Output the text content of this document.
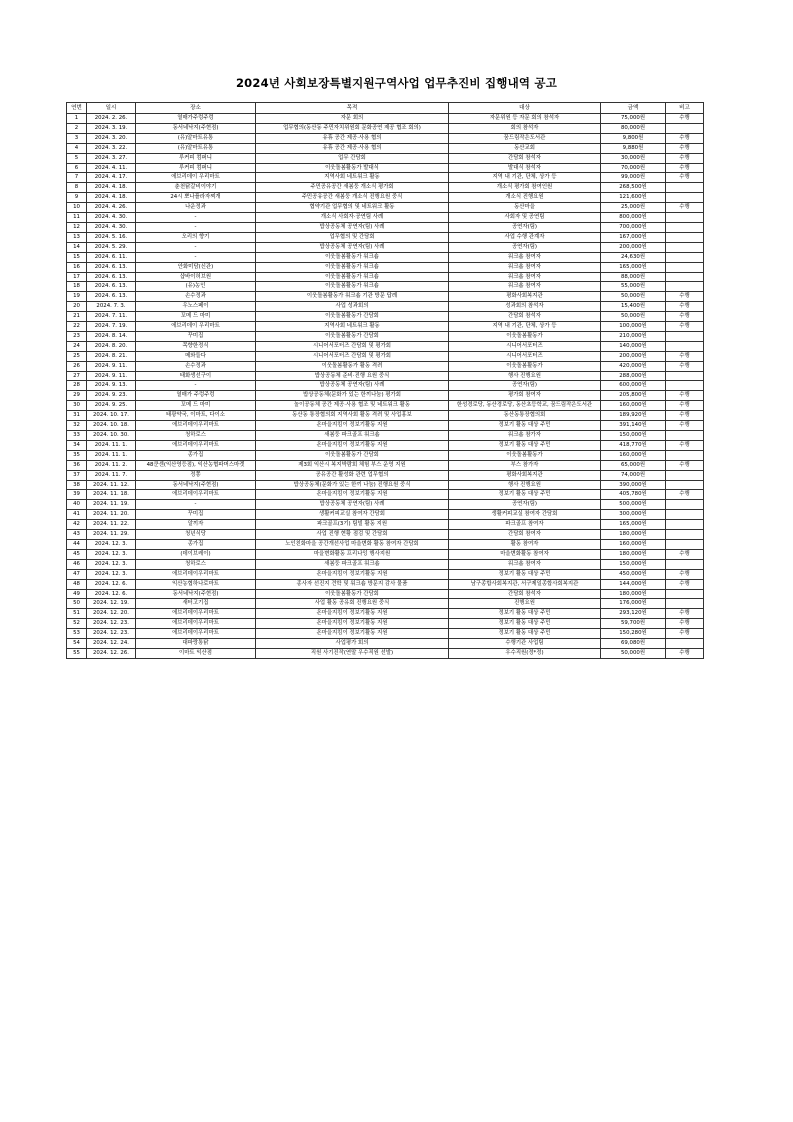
2024년 사회보장특별지원구역사업 업무추진비 집행내역 공고
연번	일시	장소	목적	대상	금액	비고
1	2024. 2. 26.	열매가주렁주렁	자문 회의	자문위원 등 자문 회의 참석자	75,000원	수행
2	2024. 3. 19.	동서네낙지(주현점)	업무협의(동산동 주민자치위원회 문화공연 제공 협조 회의)	회의 참석자	80,000원	
3	2024. 3. 20.	(유)알마트유통	유휴 공간 제공·사용 협의	꿈드림작은도서관	9,800원	수행
4	2024. 3. 22.	(유)알마트유통	유휴 공간 제공·사용 협의	동산교회	9,880원	수행
5	2024. 3. 27.	루커피 컴퍼니	업무 간담회	간담회 참석자	30,000원	수행
6	2024. 4. 11.	루커피 컴퍼니	이웃돌봄활동가 발대식	발대식 참석자	70,000원	수행
7	2024. 4. 17.	에브리데이 우리마트	지역사회 네트워크 활동	지역 내 기관, 단체, 상가 등	99,000원	수행
8	2024. 4. 18.	춘천닭갈비이야기	주민공유공간 새봄둥 개소식 평가회	개소식 평가회 참여인원	268,500원	
9	2024. 4. 18.	24시 뽀나플라자찌개	주민공유공간 새봄둥 개소식 진행요원 중식	개소식 진행요원	121,600원	
10	2024. 4. 26.	나운정과	협약기관 업무협의 및 네트워크 활동	동산마을	25,000원	수행
11	2024. 4. 30.	-	개소식 사회자·공연팀 사례	사회자 및 공연팀	800,000원	
12	2024. 4. 30.	-	밥상공동체 공연자(팀) 사례	공연자(팀)	700,000원	
13	2024. 5. 16.	오리의 향기	업무협의 및 간담회	사업 수행 관계자	167,000원	
14	2024. 5. 29.	-	밥상공동체 공연자(팀) 사례	공연자(팀)	200,000원	
15	2024. 6. 11.	-	이웃돌봄활동가 워크숍	워크숍 참여자	24,630원	
16	2024. 6. 13.	안화미담(신관)	이웃돌봄활동가 워크숍	워크숍 참여자	165,000원	
17	2024. 6. 13.	샵바이허브원	이웃돌봄활동가 워크숍	워크숍 참여자	88,000원	
18	2024. 6. 13.	(유)농인	이웃돌봄활동가 워크숍	워크숍 참여자	55,000원	
19	2024. 6. 13.	손수정과	이웃돌봄활동가 워크숍 기관 방문 답례	평화사회복지관	50,000원	수행
20	2024. 7. 3.	우노스페이	사업 성과회의	성과회의 참석자	15,400원	수행
21	2024. 7. 11.	꼬메 드 마미	이웃돌봄활동가 간담회	간담회 참석자	50,000원	수행
22	2024. 7. 19.	에브리데이 우리마트	지역사회 네트워크 활동	지역 내 기관, 단체, 상가 등	100,000원	수행
23	2024. 8. 14.	꾸미집	이웃돌봄활동가 간담회	이웃돌봄활동가	210,000원	
24	2024. 8. 20.	목향한정식	시니어서포터즈 간담회 및 평가회	시니어서포터즈	140,000원	
25	2024. 8. 21.	메와들다	시니어서포터즈 간담회 및 평가회	시니어서포터즈	200,000원	수행
26	2024. 9. 11.	손수정과	이웃돌봄활동가 활동 격려	이웃돌봄활동가	420,000원	수행
27	2024. 9. 11.	태화생선구이	밥상공동체 준비·진행 요원 중식	행사 진행요원	288,000원	
28	2024. 9. 13.	-	밥상공동체 공연자(팀) 사례	공연자(팀)	600,000원	
29	2024. 9. 23.	열매가 주렁주렁	밥상공동체(문화가 있는 한끼나눔) 평가회	평가회 참여자	205,800원	수행
30	2024. 9. 25.	꼬메 드 마미	놀이공동체 공간 제공·사용 협조 및 네트워크 활동	한성경로당, 동산경로당, 동산초등학교, 꿈드림작은도서관	160,000원	수행
31	2024. 10. 17.	태광약국, 이마트, 다이소	동산동 통장협의회 지역사회 활동 격려 및 사업홍보	동산동통장협의회	189,920원	수행
32	2024. 10. 18.	에브리데이우리마트	온마을지킴이 정보기활동 지원	정보기 활동 대상 주민	391,140원	수행
33	2024. 10. 30.	청하로스	새봄둥 파크골프 워크숍	워크숍 참가자	150,000원	
34	2024. 11. 1.	에브리데이우리마트	온마을지킴이 정보기활동 지원	정보기 활동 대상 주민	418,770원	수행
35	2024. 11. 1.	종가집	이웃돌봄활동가 간담회	이웃돌봄활동가	160,000원	
36	2024. 11. 2.	48쿤센(익산영등점), 익산농협파머스마켓	제3회 익산시 복지박람회 체험 부스 운영 지원	부스 참가자	65,000원	수행
37	2024. 11. 7.	정쫑	공유공간 활성화 관련 업무협의	평화사회복지관	74,000원	
38	2024. 11. 12.	동서네낙지(주현점)	밥상공동체(문화가 있는 한끼 나눔) 진행요원 중식	행사 진행요원	390,000원	
39	2024. 11. 18.	에브리데이우리마트	온마을지킴이 정보기활동 지원	정보기 활동 대상 주민	405,780원	수행
40	2024. 11. 19.	-	밥상공동체 공연자(팀) 사례	공연자(팀)	500,000원	
41	2024. 11. 20.	꾸미집	생활커피교실 참여자 간담회	생활커피교실 참여자 간담회	300,000원	
42	2024. 11. 22.	알끼자	파크골프(3기) 팀빌 활동 지원	파크골프 참여자	165,000원	
43	2024. 11. 29.	청년식당	사업 진행 현황 점검 및 간담회	간담회 참여자	180,000원	
44	2024. 12. 3.	종가집	노인친화마을 공간개선사업 마을변화 활동 참여자 간담회	활동 참여자	160,000원	
45	2024. 12. 3.	(데이브레이)	마을변화활동 프리나잉 행사지원	마을변화활동 참여자	180,000원	수행
46	2024. 12. 3.	청하로스	새봄둥 파크골프 워크숍	워크숍 참여자	150,000원	
47	2024. 12. 3.	에브리데이우리마트	온마을지킴이 정보기활동 지원	정보기 활동 대상 주민	450,000원	수행
48	2024. 12. 6.	익산농협하나로마트	종사자 선진지 견학 및 워크숍 방문지 감사 물품	남구종합사회복지관, 서구제일종합사회복지관	144,000원	수행
49	2024. 12. 6.	동서네낙지(주현점)	이웃돌봄활동가 간담회	간담회 참석자	180,000원	
50	2024. 12. 19.	새터고기집	사업 활동 공유회 진행요원 중식	진행요원	176,000원	
51	2024. 12. 20.	에브리데이우리마트	온마을지킴이 정보기활동 지원	정보기 활동 대상 주민	293,120원	수행
52	2024. 12. 23.	에브리데이우리마트	온마을지킴이 정보기활동 지원	정보기 활동 대상 주민	59,700원	수행
53	2024. 12. 23.	에브리데이우리마트	온마을지킴이 정보기활동 지원	정보기 활동 대상 주민	150,280원	수행
54	2024. 12. 24.	대파랑통닭	사업평가 회의	수행기관 사업팀	69,080원	
55	2024. 12. 26.	이마트 익산점	직원 사기진작(연말 우수직원 선발)	우수직원(정*정)	50,000원	수행
